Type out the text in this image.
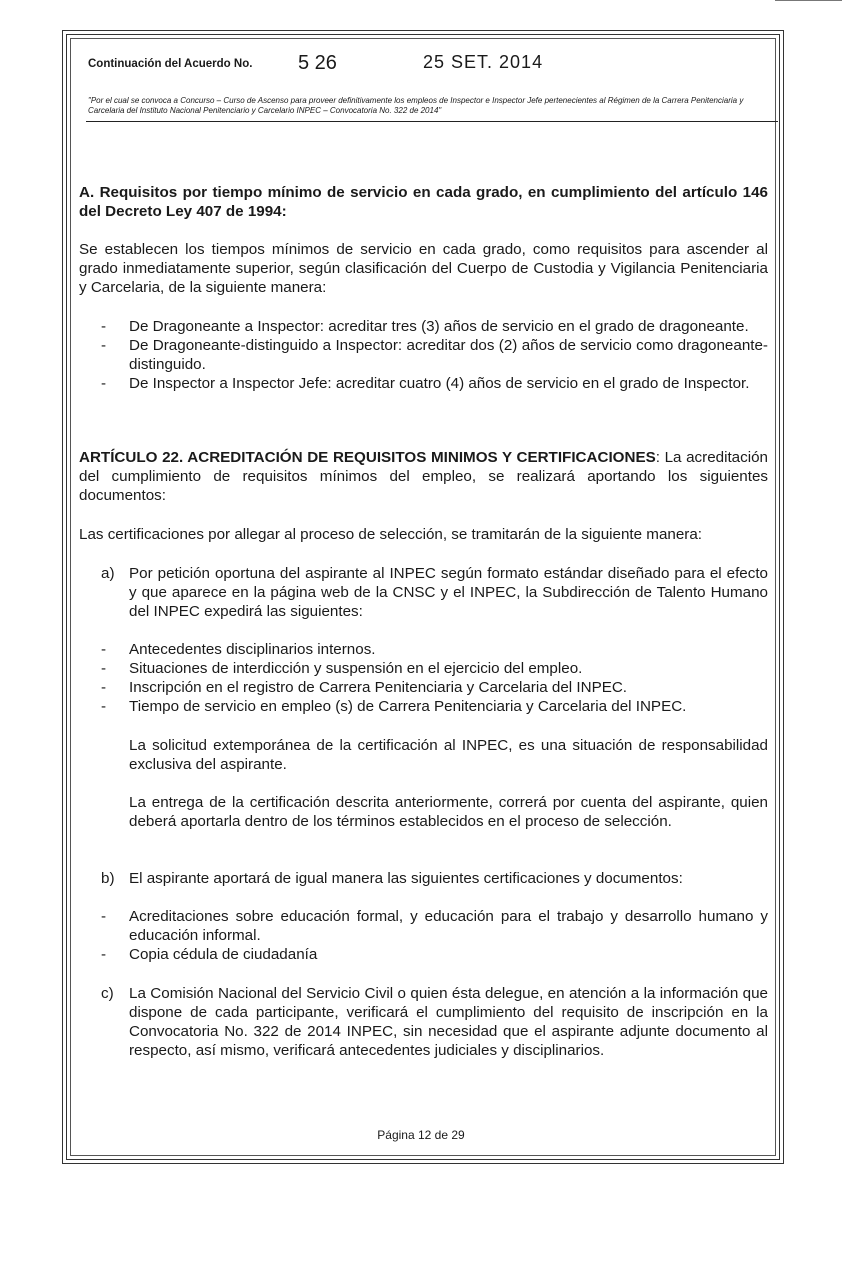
Continuación del Acuerdo No. 5 26	25 SET. 2014
"Por el cual se convoca a Concurso – Curso de Ascenso para proveer definitivamente los empleos de Inspector e Inspector Jefe pertenecientes al Régimen de la Carrera Penitenciaria y Carcelaria del Instituto Nacional Penitenciario y Carcelario INPEC – Convocatoria No. 322 de 2014"
A. Requisitos por tiempo mínimo de servicio en cada grado, en cumplimiento del artículo 146 del Decreto Ley 407 de 1994:
Se establecen los tiempos mínimos de servicio en cada grado, como requisitos para ascender al grado inmediatamente superior, según clasificación del Cuerpo de Custodia y Vigilancia Penitenciaria y Carcelaria, de la siguiente manera:
- De Dragoneante a Inspector: acreditar tres (3) años de servicio en el grado de dragoneante.
- De Dragoneante-distinguido a Inspector: acreditar dos (2) años de servicio como dragoneante-distinguido.
- De Inspector a Inspector Jefe: acreditar cuatro (4) años de servicio en el grado de Inspector.
ARTÍCULO 22. ACREDITACIÓN DE REQUISITOS MINIMOS Y CERTIFICACIONES: La acreditación del cumplimiento de requisitos mínimos del empleo, se realizará aportando los siguientes documentos:
Las certificaciones por allegar al proceso de selección, se tramitarán de la siguiente manera:
a) Por petición oportuna del aspirante al INPEC según formato estándar diseñado para el efecto y que aparece en la página web de la CNSC y el INPEC, la Subdirección de Talento Humano del INPEC expedirá las siguientes:
- Antecedentes disciplinarios internos.
- Situaciones de interdicción y suspensión en el ejercicio del empleo.
- Inscripción en el registro de Carrera Penitenciaria y Carcelaria del INPEC.
- Tiempo de servicio en empleo (s) de Carrera Penitenciaria y Carcelaria del INPEC.
La solicitud extemporánea de la certificación al INPEC, es una situación de responsabilidad exclusiva del aspirante.
La entrega de la certificación descrita anteriormente, correrá por cuenta del aspirante, quien deberá aportarla dentro de los términos establecidos en el proceso de selección.
b) El aspirante aportará de igual manera las siguientes certificaciones y documentos:
- Acreditaciones sobre educación formal, y educación para el trabajo y desarrollo humano y educación informal.
- Copia cédula de ciudadanía
c) La Comisión Nacional del Servicio Civil o quien ésta delegue, en atención a la información que dispone de cada participante, verificará el cumplimiento del requisito de inscripción en la Convocatoria No. 322 de 2014 INPEC, sin necesidad que el aspirante adjunte documento al respecto, así mismo, verificará antecedentes judiciales y disciplinarios.
Página 12 de 29
